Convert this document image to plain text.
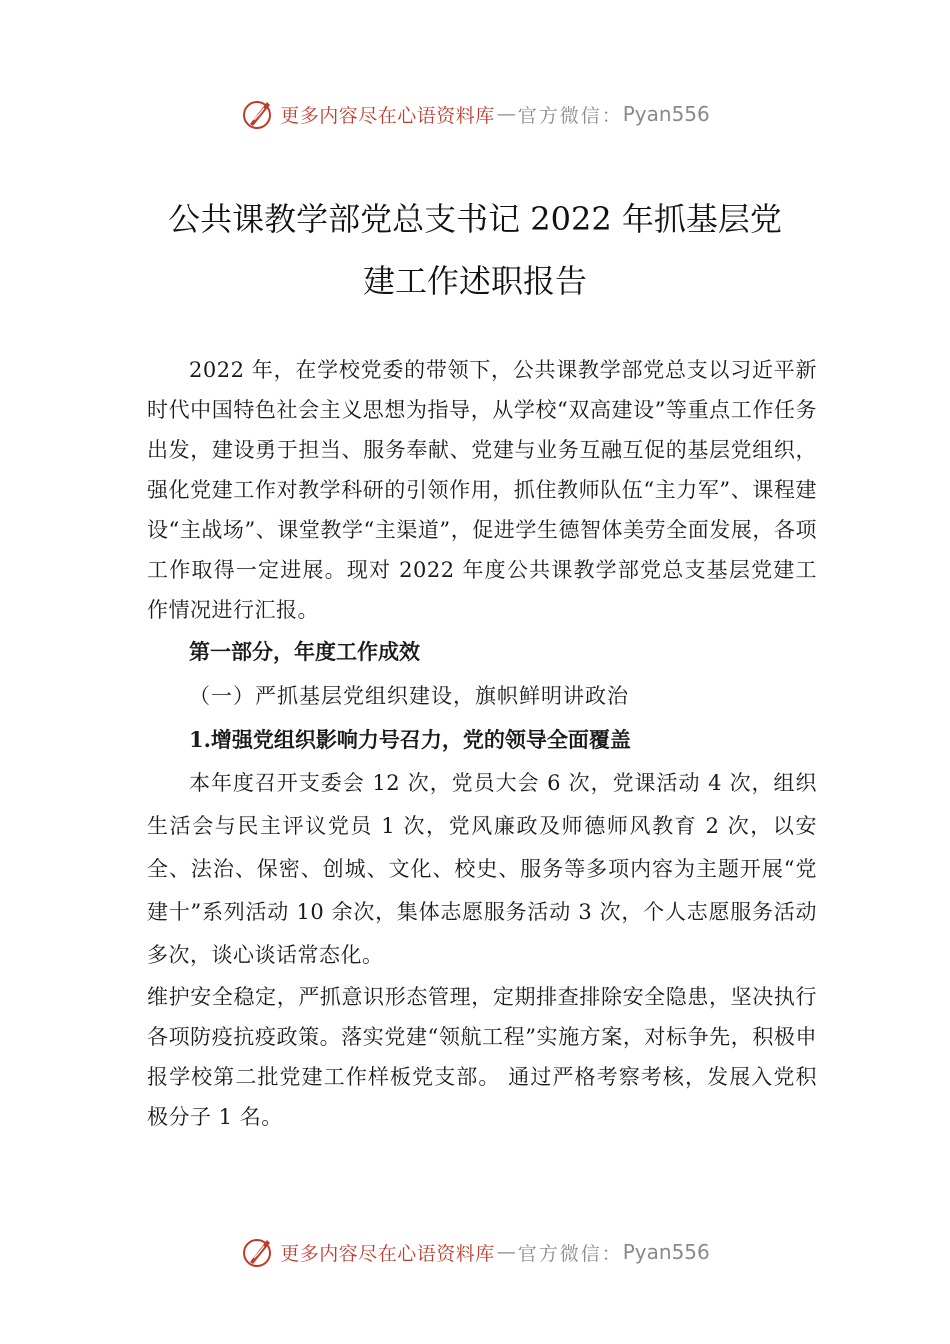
更多内容尽在心语资料库 — 官方微信： Pyan556
公共课教学部党总支书记 2022 年抓基层党
建工作述职报告

2022 年，在学校党委的带领下，公共课教学部党总支以习近平新时代中国特色社会主义思想为指导，从学校“双高建设”等重点工作任务出发，建设勇于担当、服务奉献、党建与业务互融互促的基层党组织，强化党建工作对教学科研的引领作用，抓住教师队伍“主力军”、课程建设“主战场”、课堂教学“主渠道”，促进学生德智体美劳全面发展，各项工作取得一定进展。现对 2022 年度公共课教学部党总支基层党建工作情况进行汇报。

第一部分，年度工作成效

（一）严抓基层党组织建设，旗帜鲜明讲政治

1.增强党组织影响力号召力，党的领导全面覆盖

本年度召开支委会 12 次，党员大会 6 次，党课活动 4 次，组织生活会与民主评议党员 1 次，党风廉政及师德师风教育 2 次，以安全、法治、保密、创城、文化、校史、服务等多项内容为主题开展“党建十”系列活动 10 余次，集体志愿服务活动 3 次，个人志愿服务活动多次，谈心谈话常态化。

维护安全稳定，严抓意识形态管理，定期排查排除安全隐患，坚决执行各项防疫抗疫政策。落实党建“领航工程”实施方案，对标争先，积极申报学校第二批党建工作样板党支部。 通过严格考察考核，发展入党积极分子 1 名。

更多内容尽在心语资料库 — 官方微信： Pyan556
